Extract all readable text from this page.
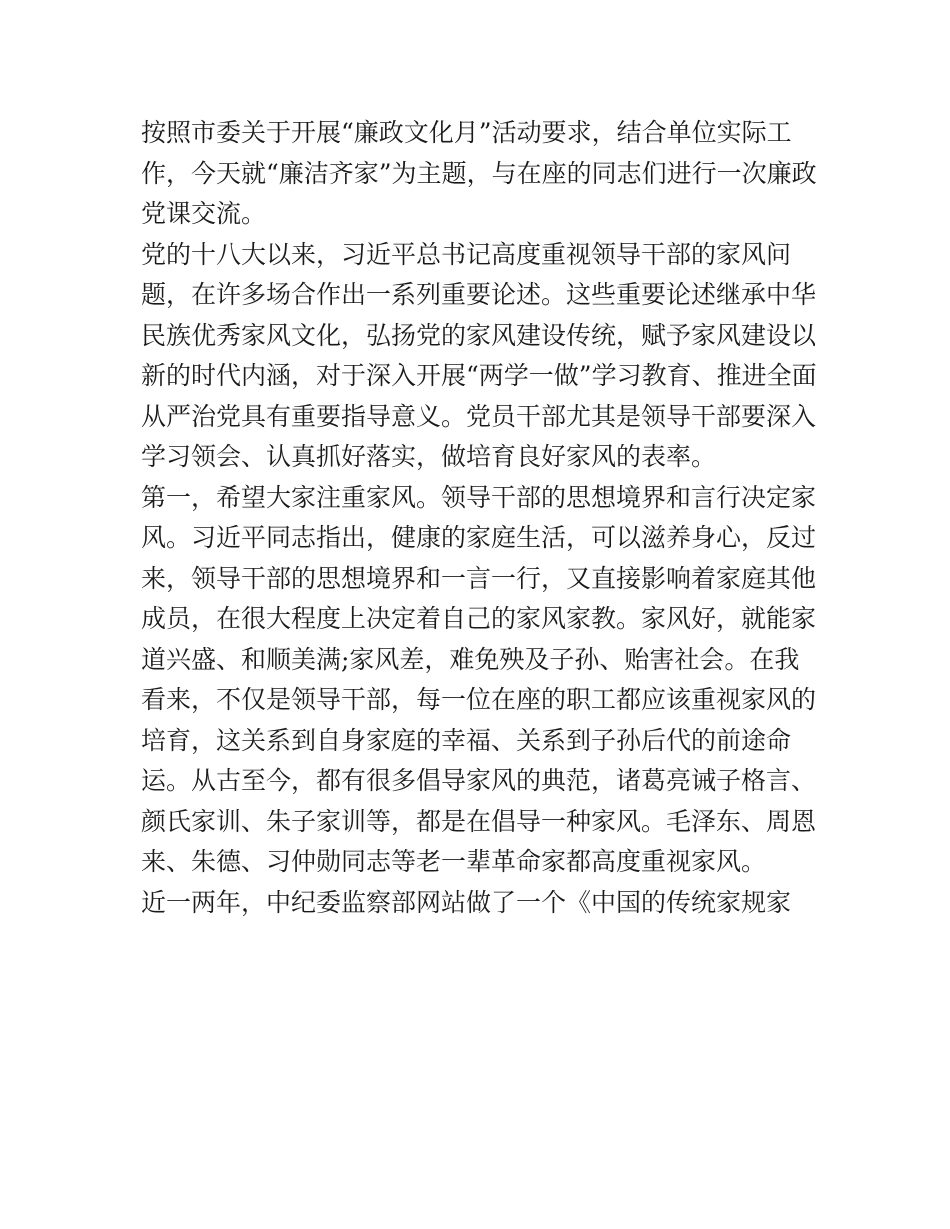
按照市委关于开展“廉政文化月”活动要求，结合单位实际工
作，今天就“廉洁齐家”为主题，与在座的同志们进行一次廉政
党课交流。
党的十八大以来，习近平总书记高度重视领导干部的家风问
题，在许多场合作出一系列重要论述。这些重要论述继承中华
民族优秀家风文化，弘扬党的家风建设传统，赋予家风建设以
新的时代内涵，对于深入开展“两学一做”学习教育、推进全面
从严治党具有重要指导意义。党员干部尤其是领导干部要深入
学习领会、认真抓好落实，做培育良好家风的表率。
第一，希望大家注重家风。领导干部的思想境界和言行决定家
风。习近平同志指出，健康的家庭生活，可以滋养身心，反过
来，领导干部的思想境界和一言一行，又直接影响着家庭其他
成员，在很大程度上决定着自己的家风家教。家风好，就能家
道兴盛、和顺美满;家风差，难免殃及子孙、贻害社会。在我
看来，不仅是领导干部，每一位在座的职工都应该重视家风的
培育，这关系到自身家庭的幸福、关系到子孙后代的前途命
运。从古至今，都有很多倡导家风的典范，诸葛亮诫子格言、
颜氏家训、朱子家训等，都是在倡导一种家风。毛泽东、周恩
来、朱德、习仲勋同志等老一辈革命家都高度重视家风。
近一两年，中纪委监察部网站做了一个《中国的传统家规家
